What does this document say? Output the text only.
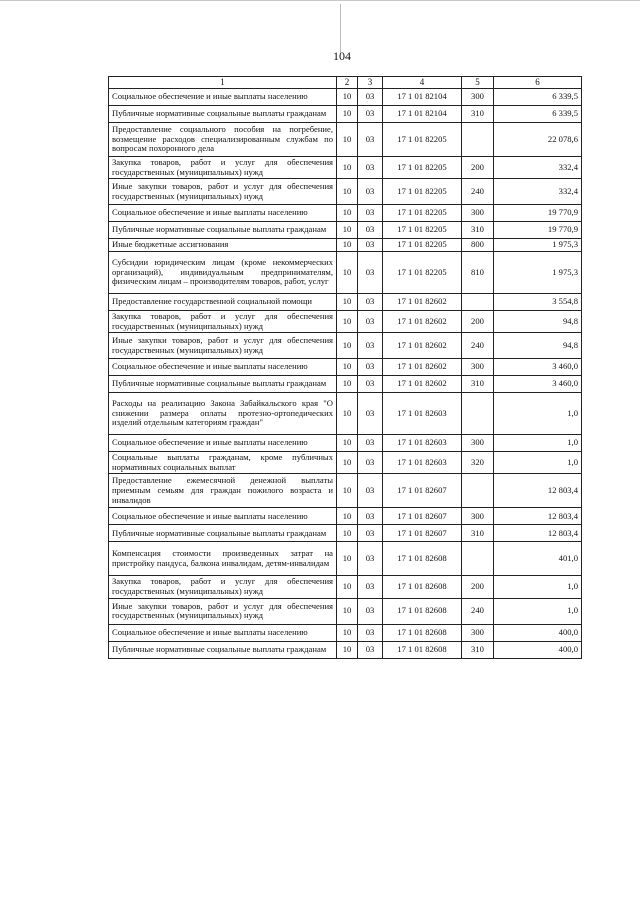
104
1	2	3	4	5	6
Социальное обеспечение и иные выплаты населению	10	03	17 1 01 82104	300	6 339,5
Публичные нормативные социальные выплаты гражданам	10	03	17 1 01 82104	310	6 339,5
Предоставление социального пособия на погребение, возмещение расходов специализированным службам по вопросам похоронного дела	10	03	17 1 01 82205		22 078,6
Закупка товаров, работ и услуг для обеспечения государственных (муниципальных) нужд	10	03	17 1 01 82205	200	332,4
Иные закупки товаров, работ и услуг для обеспечения государственных (муниципальных) нужд	10	03	17 1 01 82205	240	332,4
Социальное обеспечение и иные выплаты населению	10	03	17 1 01 82205	300	19 770,9
Публичные нормативные социальные выплаты гражданам	10	03	17 1 01 82205	310	19 770,9
Иные бюджетные ассигнования	10	03	17 1 01 82205	800	1 975,3
Субсидии юридическим лицам (кроме некоммерческих организаций), индивидуальным предпринимателям, физическим лицам – производителям товаров, работ, услуг	10	03	17 1 01 82205	810	1 975,3
Предоставление государственной социальной помощи	10	03	17 1 01 82602		3 554,8
Закупка товаров, работ и услуг для обеспечения государственных (муниципальных) нужд	10	03	17 1 01 82602	200	94,8
Иные закупки товаров, работ и услуг для обеспечения государственных (муниципальных) нужд	10	03	17 1 01 82602	240	94,8
Социальное обеспечение и иные выплаты населению	10	03	17 1 01 82602	300	3 460,0
Публичные нормативные социальные выплаты гражданам	10	03	17 1 01 82602	310	3 460,0
Расходы на реализацию Закона Забайкальского края "О снижении размера оплаты протезно-ортопедических изделий отдельным категориям граждан"	10	03	17 1 01 82603		1,0
Социальное обеспечение и иные выплаты населению	10	03	17 1 01 82603	300	1,0
Социальные выплаты гражданам, кроме публичных нормативных социальных выплат	10	03	17 1 01 82603	320	1,0
Предоставление ежемесячной денежной выплаты приемным семьям для граждан пожилого возраста и инвалидов	10	03	17 1 01 82607		12 803,4
Социальное обеспечение и иные выплаты населению	10	03	17 1 01 82607	300	12 803,4
Публичные нормативные социальные выплаты гражданам	10	03	17 1 01 82607	310	12 803,4
Компенсация стоимости произведенных затрат на пристройку пандуса, балкона инвалидам, детям-инвалидам	10	03	17 1 01 82608		401,0
Закупка товаров, работ и услуг для обеспечения государственных (муниципальных) нужд	10	03	17 1 01 82608	200	1,0
Иные закупки товаров, работ и услуг для обеспечения государственных (муниципальных) нужд	10	03	17 1 01 82608	240	1,0
Социальное обеспечение и иные выплаты населению	10	03	17 1 01 82608	300	400,0
Публичные нормативные социальные выплаты гражданам	10	03	17 1 01 82608	310	400,0
